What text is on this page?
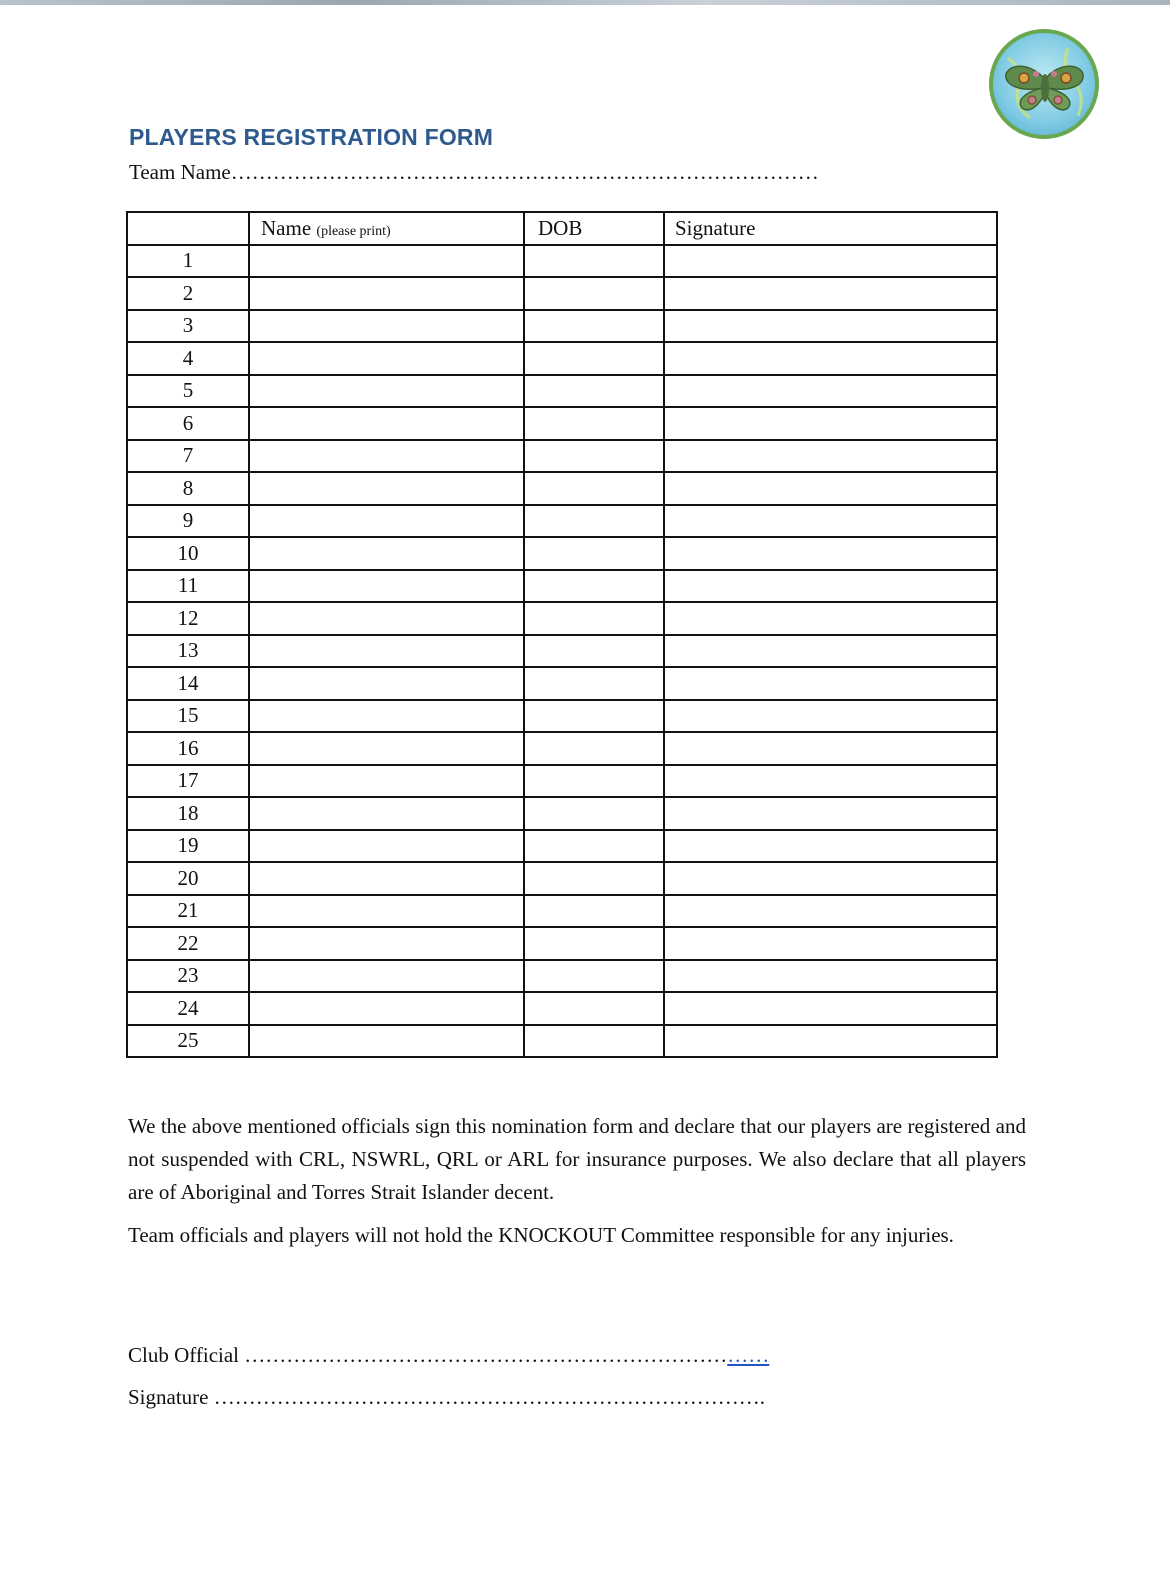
PLAYERS REGISTRATION FORM
Team Name…………………………………………………………………………
	Name (please print)	DOB	Signature
1			
2			
3			
4			
5			
6			
7			
8			
9			
10			
11			
12			
13			
14			
15			
16			
17			
18			
19			
20			
21			
22			
23			
24			
25			

We the above mentioned officials sign this nomination form and declare that our players are registered and not suspended with CRL, NSWRL, QRL or ARL for insurance purposes. We also declare that all players are of Aboriginal and Torres Strait Islander decent.

Team officials and players will not hold the KNOCKOUT Committee responsible for any injuries.

Club Official …………………………………………………………………
Signature …………………………………………………………………….
